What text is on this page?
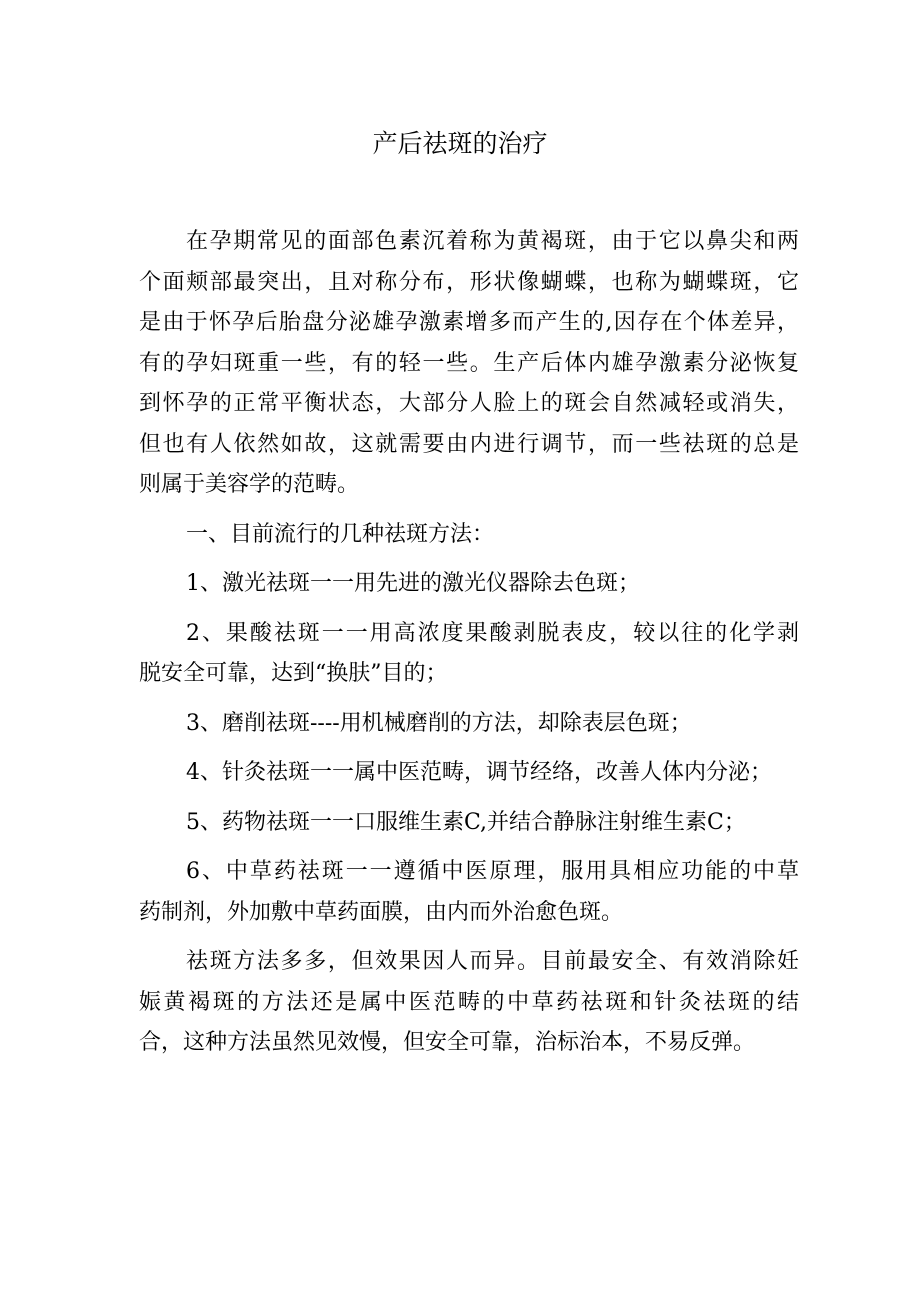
产后祛斑的治疗
在孕期常见的面部色素沉着称为黄褐斑，由于它以鼻尖和两
个面颊部最突出，且对称分布，形状像蝴蝶，也称为蝴蝶斑，它
是由于怀孕后胎盘分泌雄孕激素增多而产生的,因存在个体差异，
有的孕妇斑重一些，有的轻一些。生产后体内雄孕激素分泌恢复
到怀孕的正常平衡状态，大部分人脸上的斑会自然减轻或消失，
但也有人依然如故，这就需要由内进行调节，而一些祛斑的总是
则属于美容学的范畴。
一、目前流行的几种祛斑方法：
1、激光祛斑一一用先进的激光仪器除去色斑；
2、果酸祛斑一一用高浓度果酸剥脱表皮，较以往的化学剥
脱安全可靠，达到“换肤”目的；
3、磨削祛斑----用机械磨削的方法，却除表层色斑；
4、针灸祛斑一一属中医范畴，调节经络，改善人体内分泌；
5、药物祛斑一一口服维生素C,并结合静脉注射维生素C；
6、中草药祛斑一一遵循中医原理，服用具相应功能的中草
药制剂，外加敷中草药面膜，由内而外治愈色斑。
祛斑方法多多，但效果因人而异。目前最安全、有效消除妊
娠黄褐斑的方法还是属中医范畴的中草药祛斑和针灸祛斑的结
合，这种方法虽然见效慢，但安全可靠，治标治本，不易反弹。
